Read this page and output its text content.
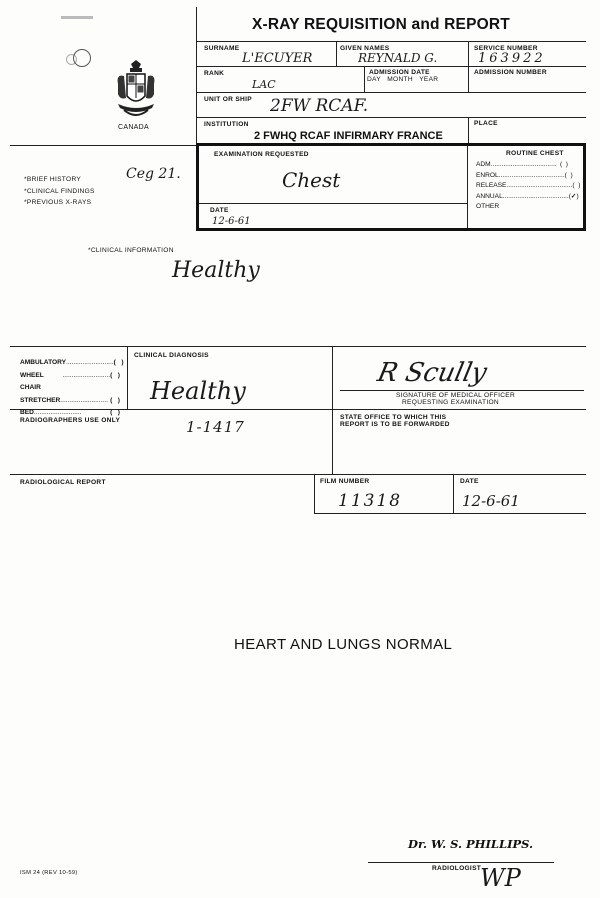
CANADA
X-RAY REQUISITION and REPORT
SURNAME
L'ECUYER
GIVEN NAMES
REYNALD G.
SERVICE NUMBER
163922
RANK
LAC
ADMISSION DATE
DAY   MONTH   YEAR
ADMISSION NUMBER
UNIT OR SHIP 2FW RCAF.
INSTITUTION
2 FWHQ RCAF INFIRMARY FRANCE
PLACE
*BRIEF HISTORY
*CLINICAL FINDINGS
*PREVIOUS X-RAYS
Ceg 21.
EXAMINATION REQUESTED
Chest
DATE
12-6-61
ROUTINE CHEST
ADM .................................... (  )
ENROL .................................... (  )
RELEASE .................................... (  )
ANNUAL .................................... (✓)
OTHER
*CLINICAL INFORMATION
Healthy
AMBULATORY .......................... (   )
WHEEL CHAIR
.......................... (   )
STRETCHER .......................... (   )
BED ..........................	(   )
CLINICAL DIAGNOSIS
Healthy
R Scully
SIGNATURE OF MEDICAL OFFICER
REQUESTING EXAMINATION
RADIOGRAPHERS USE ONLY	1-1417
STATE OFFICE TO WHICH THIS
REPORT IS TO BE FORWARDED
RADIOLOGICAL REPORT	FILM NUMBER
11318
DATE
12-6-61
HEART AND LUNGS NORMAL
Dr. W. S. PHILLIPS.
RADIOLOGIST
WP
ISM 24 (REV 10-59)
